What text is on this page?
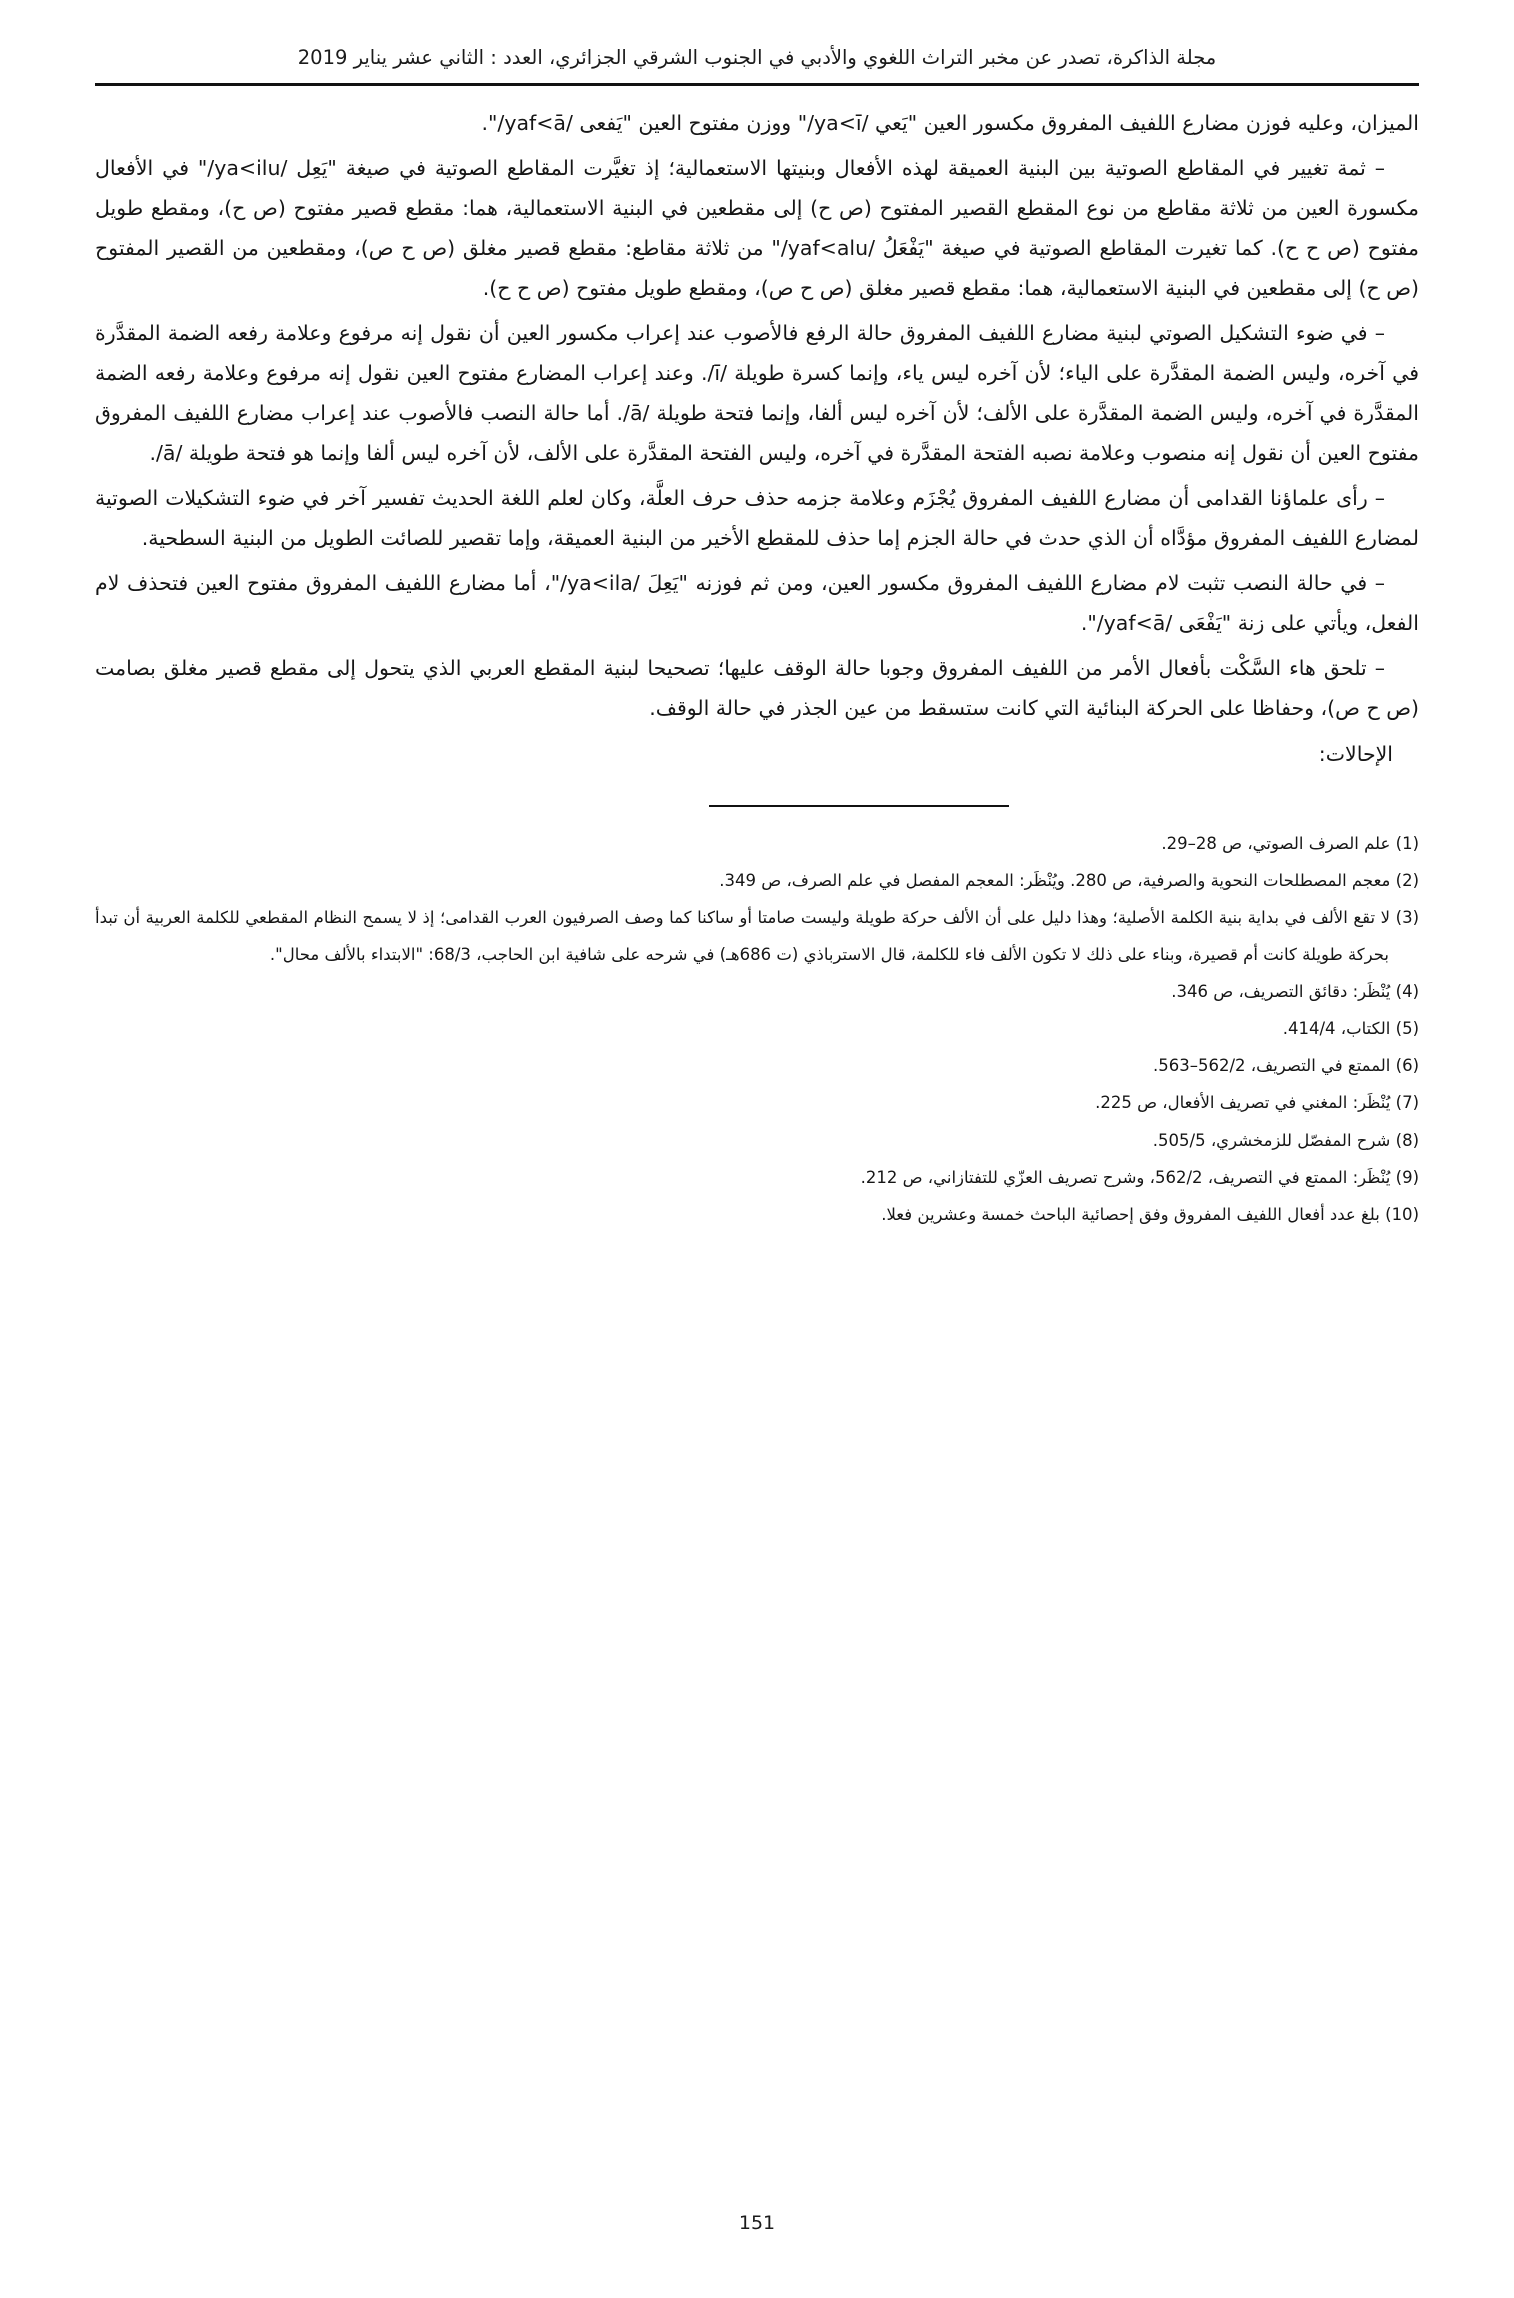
مجلة الذاكرة، تصدر عن مخبر التراث اللغوي والأدبي في الجنوب الشرقي الجزائري، العدد : الثاني عشر يناير 2019

الميزان، وعليه فوزن مضارع اللفيف المفروق مكسور العين "يَعي /ya<ī/" ووزن مفتوح العين "يَفعى /yaf<ā/".

– ثمة تغيير في المقاطع الصوتية بين البنية العميقة لهذه الأفعال وبنيتها الاستعمالية؛ إذ تغيَّرت المقاطع الصوتية في صيغة "يَعِل /ya<ilu/" في الأفعال مكسورة العين من ثلاثة مقاطع من نوع المقطع القصير المفتوح (ص ح) إلى مقطعين في البنية الاستعمالية، هما: مقطع قصير مفتوح (ص ح)، ومقطع طويل مفتوح (ص ح ح). كما تغيرت المقاطع الصوتية في صيغة "يَفْعَلُ /yaf<alu/" من ثلاثة مقاطع: مقطع قصير مغلق (ص ح ص)، ومقطعين من القصير المفتوح (ص ح) إلى مقطعين في البنية الاستعمالية، هما: مقطع قصير مغلق (ص ح ص)، ومقطع طويل مفتوح (ص ح ح).

– في ضوء التشكيل الصوتي لبنية مضارع اللفيف المفروق حالة الرفع فالأصوب عند إعراب مكسور العين أن نقول إنه مرفوع وعلامة رفعه الضمة المقدَّرة في آخره، وليس الضمة المقدَّرة على الياء؛ لأن آخره ليس ياء، وإنما كسرة طويلة /ī/. وعند إعراب المضارع مفتوح العين نقول إنه مرفوع وعلامة رفعه الضمة المقدَّرة في آخره، وليس الضمة المقدَّرة على الألف؛ لأن آخره ليس ألفا، وإنما فتحة طويلة /ā/. أما حالة النصب فالأصوب عند إعراب مضارع اللفيف المفروق مفتوح العين أن نقول إنه منصوب وعلامة نصبه الفتحة المقدَّرة في آخره، وليس الفتحة المقدَّرة على الألف، لأن آخره ليس ألفا وإنما هو فتحة طويلة /ā/.

– رأى علماؤنا القدامى أن مضارع اللفيف المفروق يُجْزَم وعلامة جزمه حذف حرف العلَّة، وكان لعلم اللغة الحديث تفسير آخر في ضوء التشكيلات الصوتية لمضارع اللفيف المفروق مؤدَّاه أن الذي حدث في حالة الجزم إما حذف للمقطع الأخير من البنية العميقة، وإما تقصير للصائت الطويل من البنية السطحية.

– في حالة النصب تثبت لام مضارع اللفيف المفروق مكسور العين، ومن ثم فوزنه "يَعِلَ /ya<ila/"، أما مضارع اللفيف المفروق مفتوح العين فتحذف لام الفعل، ويأتي على زنة "يَفْعَى /yaf<ā/".

– تلحق هاء السَّكْت بأفعال الأمر من اللفيف المفروق وجوبا حالة الوقف عليها؛ تصحيحا لبنية المقطع العربي الذي يتحول إلى مقطع قصير مغلق بصامت (ص ح ص)، وحفاظا على الحركة البنائية التي كانت ستسقط من عين الجذر في حالة الوقف.

الإحالات:

(1) علم الصرف الصوتي، ص 28–29.

(2) معجم المصطلحات النحوية والصرفية، ص 280. ويُنْظَر: المعجم المفصل في علم الصرف، ص 349.

(3) لا تقع الألف في بداية بنية الكلمة الأصلية؛ وهذا دليل على أن الألف حركة طويلة وليست صامتا أو ساكنا كما وصف الصرفيون العرب القدامى؛ إذ لا يسمح النظام المقطعي للكلمة العربية أن تبدأ بحركة طويلة كانت أم قصيرة، وبناء على ذلك لا تكون الألف فاء للكلمة، قال الاسترباذي (ت 686هـ) في شرحه على شافية ابن الحاجب، 68/3: "الابتداء بالألف محال".

(4) يُنْظَر: دقائق التصريف، ص 346.

(5) الكتاب، 414/4.

(6) الممتع في التصريف، 562/2–563.

(7) يُنْظَر: المغني في تصريف الأفعال، ص 225.

(8) شرح المفصّل للزمخشري، 505/5.

(9) يُنْظَر: الممتع في التصريف، 562/2، وشرح تصريف العزّي للتفتازاني، ص 212.

(10) بلغ عدد أفعال اللفيف المفروق وفق إحصائية الباحث خمسة وعشرين فعلا.

151
